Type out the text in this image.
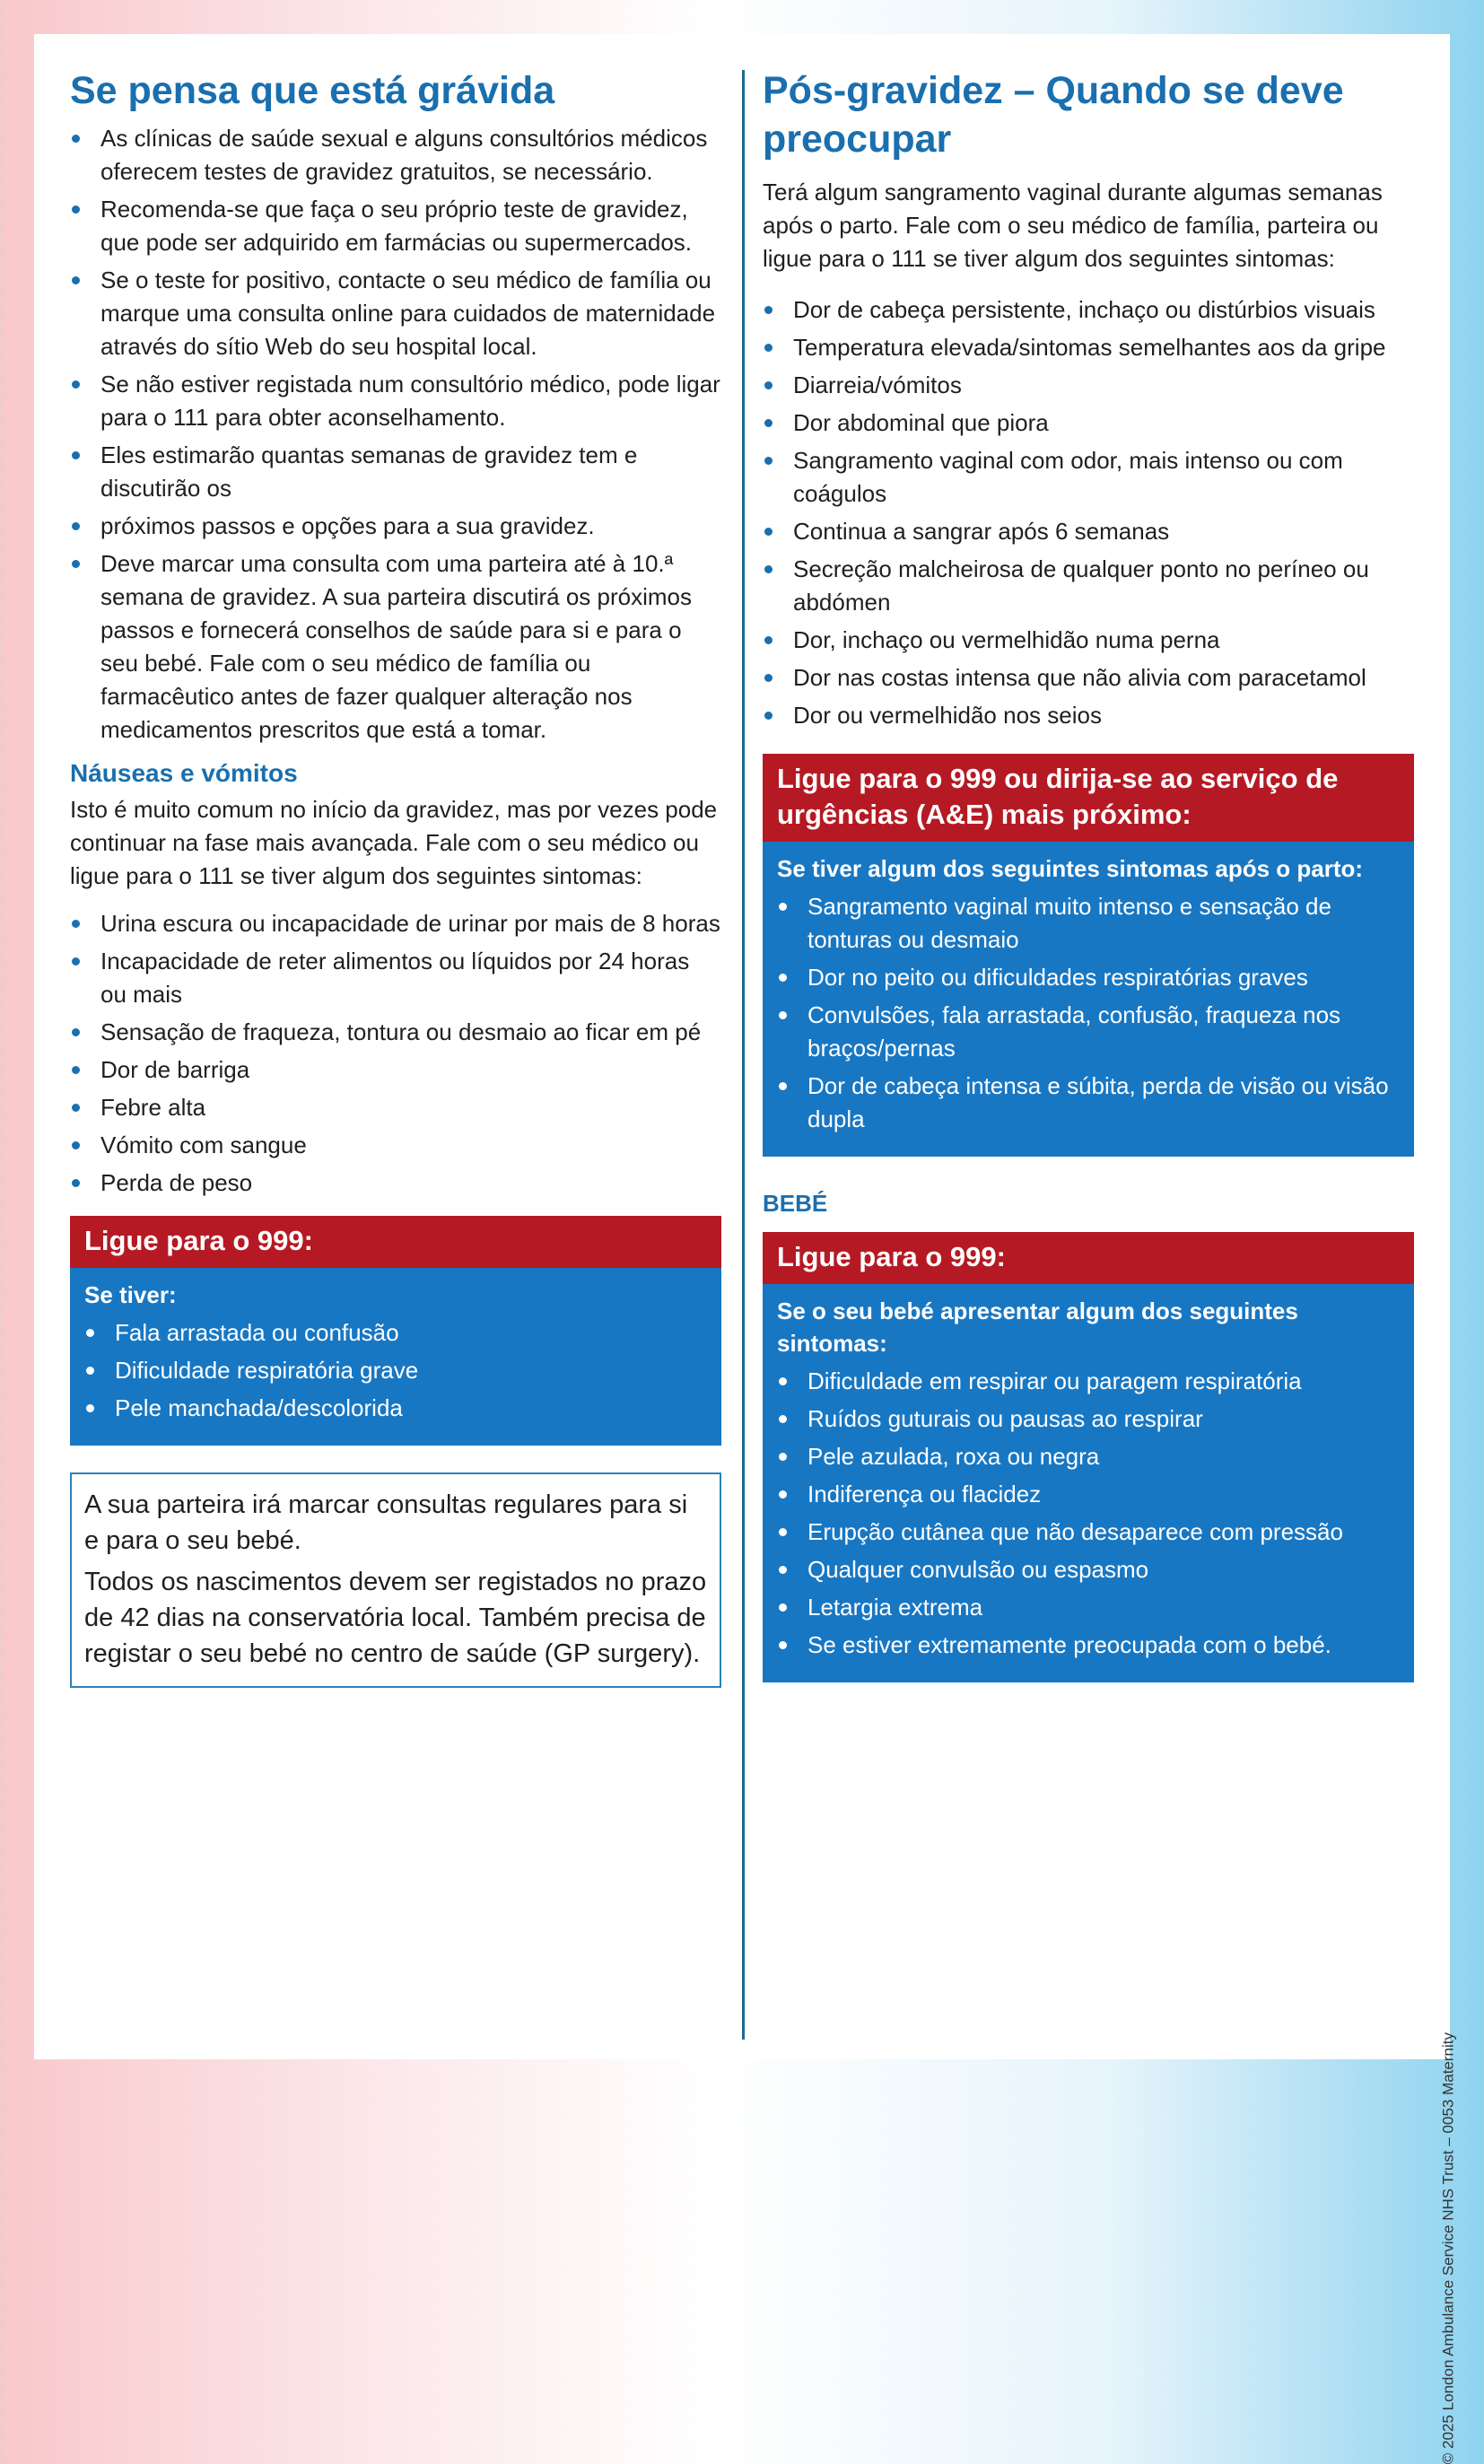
Se pensa que está grávida
As clínicas de saúde sexual e alguns consultórios médicos oferecem testes de gravidez gratuitos, se necessário.
Recomenda-se que faça o seu próprio teste de gravidez, que pode ser adquirido em farmácias ou supermercados.
Se o teste for positivo, contacte o seu médico de família ou marque uma consulta online para cuidados de maternidade através do sítio Web do seu hospital local.
Se não estiver registada num consultório médico, pode ligar para o 111 para obter aconselhamento.
Eles estimarão quantas semanas de gravidez tem e discutirão os
próximos passos e opções para a sua gravidez.
Deve marcar uma consulta com uma parteira até à 10.ª semana de gravidez. A sua parteira discutirá os próximos passos e fornecerá conselhos de saúde para si e para o seu bebé. Fale com o seu médico de família ou farmacêutico antes de fazer qualquer alteração nos medicamentos prescritos que está a tomar.
Náuseas e vómitos

Isto é muito comum no início da gravidez, mas por vezes pode continuar na fase mais avançada. Fale com o seu médico ou ligue para o 111 se tiver algum dos seguintes sintomas:

Urina escura ou incapacidade de urinar por mais de 8 horas
Incapacidade de reter alimentos ou líquidos por 24 horas ou mais
Sensação de fraqueza, tontura ou desmaio ao ficar em pé
Dor de barriga
Febre alta
Vómito com sangue
Perda de peso
Ligue para o 999:
Se tiver:
Fala arrastada ou confusão
Dificuldade respiratória grave
Pele manchada/descolorida

A sua parteira irá marcar consultas regulares para si e para o seu bebé.

Todos os nascimentos devem ser registados no prazo de 42 dias na conservatória local. Também precisa de registar o seu bebé no centro de saúde (GP surgery).

Pós-gravidez – Quando se deve preocupar

Terá algum sangramento vaginal durante algumas semanas após o parto. Fale com o seu médico de família, parteira ou ligue para o 111 se tiver algum dos seguintes sintomas:

Dor de cabeça persistente, inchaço ou distúrbios visuais
Temperatura elevada/sintomas semelhantes aos da gripe
Diarreia/vómitos
Dor abdominal que piora
Sangramento vaginal com odor, mais intenso ou com coágulos
Continua a sangrar após 6 semanas
Secreção malcheirosa de qualquer ponto no períneo ou abdómen
Dor, inchaço ou vermelhidão numa perna
Dor nas costas intensa que não alivia com paracetamol
Dor ou vermelhidão nos seios
Ligue para o 999 ou dirija-se ao serviço de urgências (A&E) mais próximo:
Se tiver algum dos seguintes sintomas após o parto:
Sangramento vaginal muito intenso e sensação de tonturas ou desmaio
Dor no peito ou dificuldades respiratórias graves
Convulsões, fala arrastada, confusão, fraqueza nos braços/pernas
Dor de cabeça intensa e súbita, perda de visão ou visão dupla
BEBÉ
Ligue para o 999:
Se o seu bebé apresentar algum dos seguintes sintomas:
Dificuldade em respirar ou paragem respiratória
Ruídos guturais ou pausas ao respirar
Pele azulada, roxa ou negra
Indiferença ou flacidez
Erupção cutânea que não desaparece com pressão
Qualquer convulsão ou espasmo
Letargia extrema
Se estiver extremamente preocupada com o bebé.
© 2025 London Ambulance Service NHS Trust – 0053 Maternity
